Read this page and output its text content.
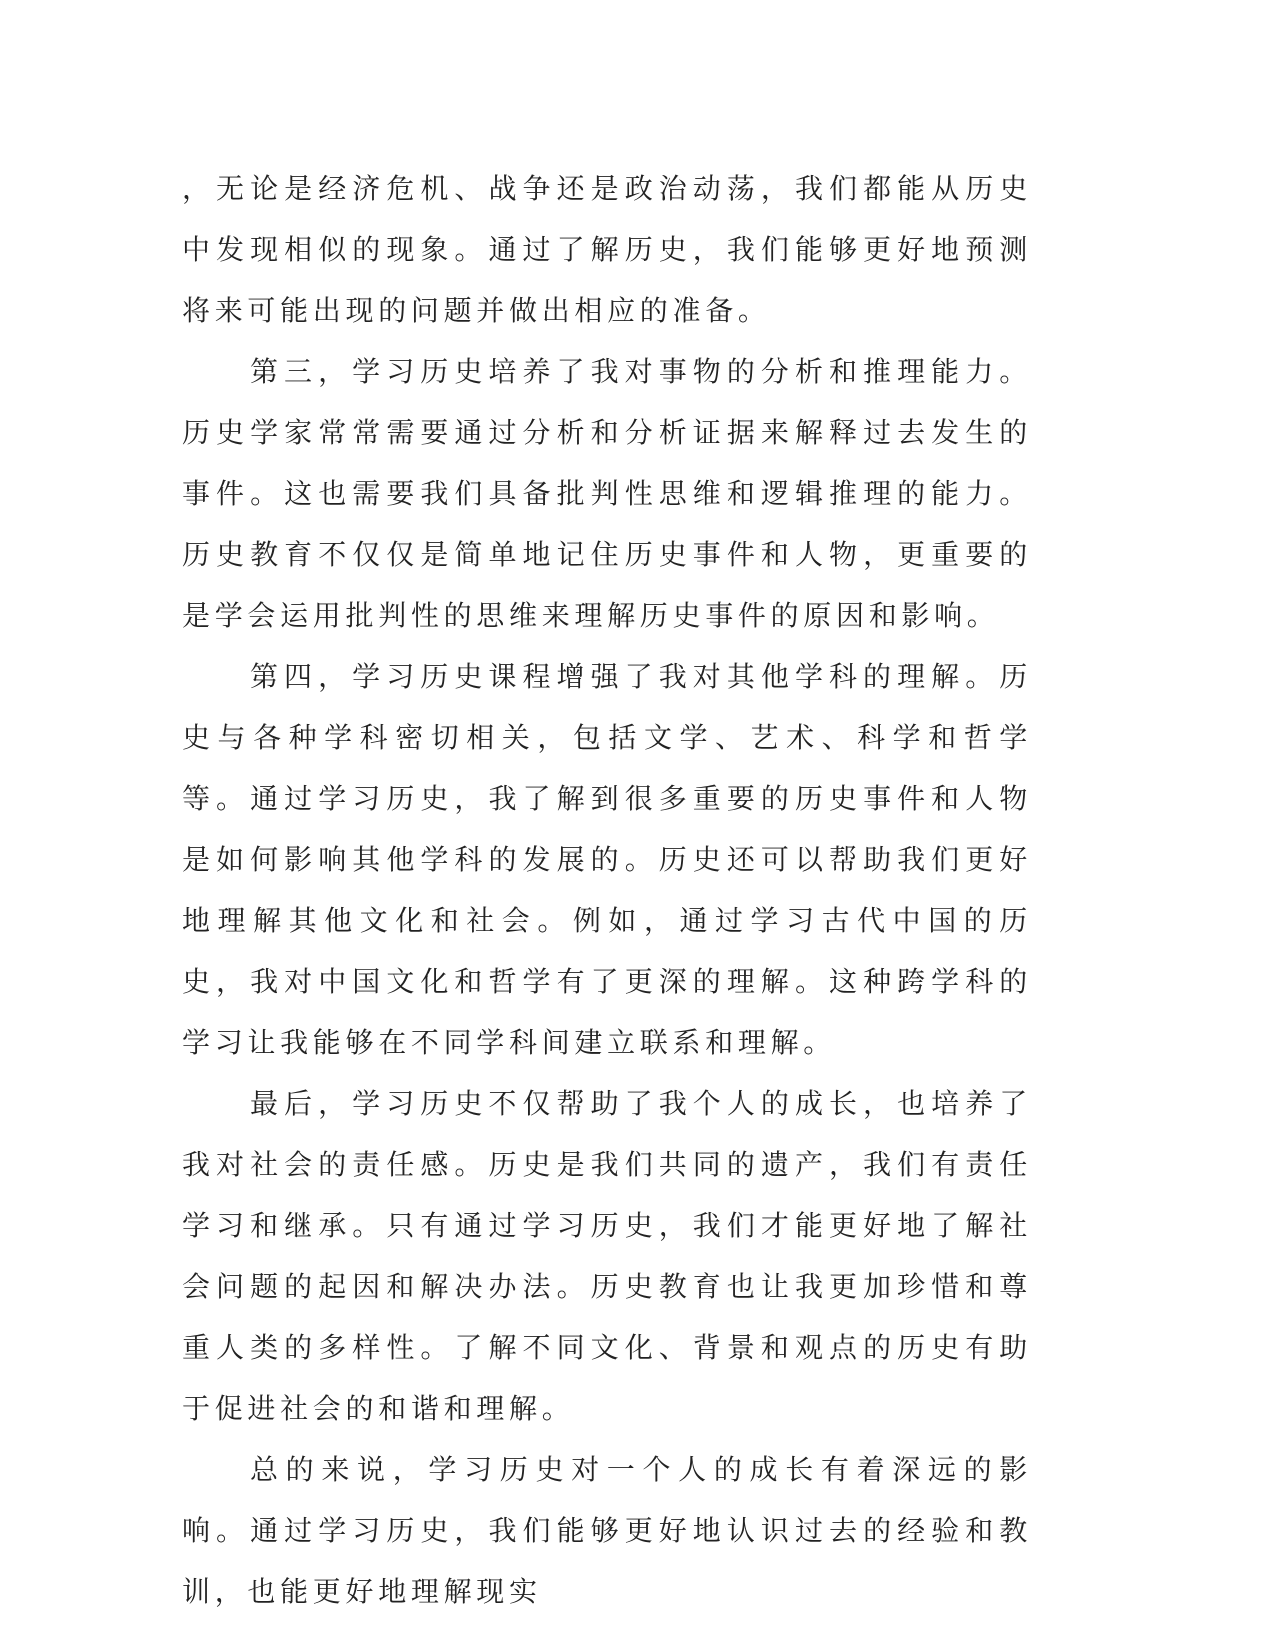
，无论是经济危机、战争还是政治动荡，我们都能从历史中发现相似的现象。通过了解历史，我们能够更好地预测将来可能出现的问题并做出相应的准备。

第三，学习历史培养了我对事物的分析和推理能力。历史学家常常需要通过分析和分析证据来解释过去发生的事件。这也需要我们具备批判性思维和逻辑推理的能力。历史教育不仅仅是简单地记住历史事件和人物，更重要的是学会运用批判性的思维来理解历史事件的原因和影响。

第四，学习历史课程增强了我对其他学科的理解。历史与各种学科密切相关，包括文学、艺术、科学和哲学等。通过学习历史，我了解到很多重要的历史事件和人物是如何影响其他学科的发展的。历史还可以帮助我们更好地理解其他文化和社会。例如，通过学习古代中国的历史，我对中国文化和哲学有了更深的理解。这种跨学科的学习让我能够在不同学科间建立联系和理解。

最后，学习历史不仅帮助了我个人的成长，也培养了我对社会的责任感。历史是我们共同的遗产，我们有责任学习和继承。只有通过学习历史，我们才能更好地了解社会问题的起因和解决办法。历史教育也让我更加珍惜和尊重人类的多样性。了解不同文化、背景和观点的历史有助于促进社会的和谐和理解。

总的来说，学习历史对一个人的成长有着深远的影响。通过学习历史，我们能够更好地认识过去的经验和教训，也能更好地理解现实
